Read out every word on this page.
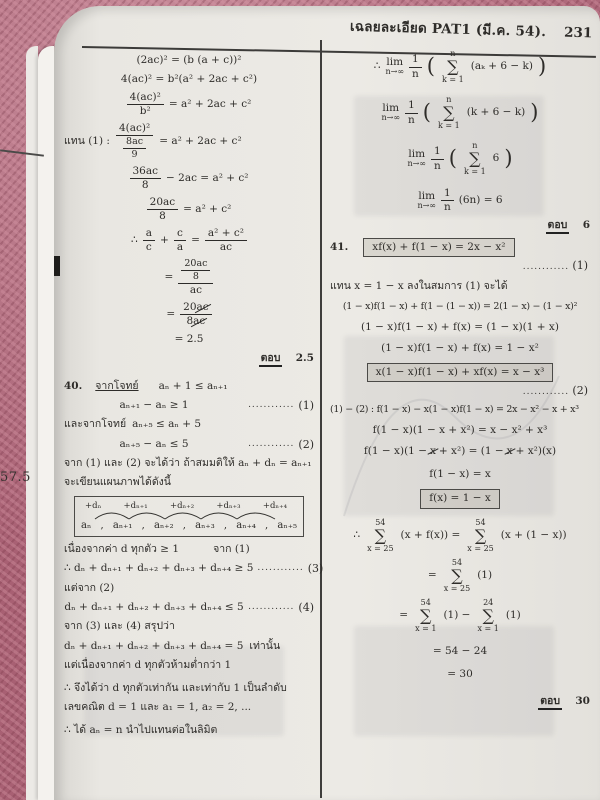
57.5
เฉลยละเอียด PAT1 (มี.ค. 54). 231
(2ac)² = (b (a + c))²
4(ac)² = b²(a² + 2ac + c²)
$\frac{\text{4(ac)²}}{\text{b²}} = a^2 + 2ac + c^2$
แทน (1) : $\frac{\text{4(ac)²}}{\frac{8ac}{9}} = a^2 + 2ac + c^2$
36ac
8
− 2ac = a² + c²
$\frac{20ac}{8} = a^2 + c^2$
∴
a
c
+ $\frac{c}{a} = \frac{\text{a² + c²}}{ac}$
= $\frac{\frac{20ac}{8}}{ac}$
= $\frac{20ac}{8ac}$
= 2.5
ตอบ 2.5
40. จากโจทย์ aₙ + 1 ≤ aₙ₊₁
aₙ₊₁ − aₙ ≥ 1	............ (1)
และจากโจทย์ aₙ₊₅ ≤ aₙ + 5
aₙ₊₅ − aₙ ≤ 5	............ (2)
จาก (1) และ (2) จะได้ว่า ถ้าสมมติให้ aₙ + dₙ = aₙ₊₁
จะเขียนแผนภาพได้ดังนี้
+dₙ	+dₙ₊₁	+dₙ₊₂	+dₙ₊₃	+dₙ₊₄
aₙ , aₙ₊₁ , aₙ₊₂ , aₙ₊₃ , aₙ₊₄ , aₙ₊₅
เนื่องจากค่า d ทุกตัว ≥ 1	จาก (1)
∴ dₙ + dₙ₊₁ + dₙ₊₂ + dₙ₊₃ + dₙ₊₄ ≥ 5 ............ (3)
แต่จาก (2)
dₙ + dₙ₊₁ + dₙ₊₂ + dₙ₊₃ + dₙ₊₄ ≤ 5 ............ (4)
จาก (3) และ (4) สรุปว่า
dₙ + dₙ₊₁ + dₙ₊₂ + dₙ₊₃ + dₙ₊₄ = 5 เท่านั้น
แต่เนื่องจากค่า d ทุกตัวห้ามต่ำกว่า 1
∴ จึงได้ว่า d ทุกตัวเท่ากัน และเท่ากับ 1 เป็นลำดับ
เลขคณิต d = 1 และ a₁ = 1, a₂ = 2, ...
∴ ได้ aₙ = n นำไปแทนต่อในลิมิต
∴ lim
n→∞
1
n ( n
∑
k = 1
(aₖ + 6 − k) )
lim
n→∞
1
n ( n
∑
k = 1
(k + 6 − k) )
lim
n→∞
1
n ( n
∑
k = 1
6 )
lim
n→∞
1
n
(6n) = 6
ตอบ 6
41.	xf(x) + f(1 − x) = 2x − x²
............ (1)
แทน x = 1 − x ลงในสมการ (1) จะได้
(1 − x)f(1 − x) + f(1 − (1 − x)) = 2(1 − x) − (1 − x)²
(1 − x)f(1 − x) + f(x) = (1 − x)(1 + x)
(1 − x)f(1 − x) + f(x) = 1 − x²
x(1 − x)f(1 − x) + xf(x) = x − x³
............ (2)
(1) − (2) : f(1 − x) − x(1 − x)f(1 − x) = 2x − x² − x + x³
f(1 − x)(1 − x + x²) = x − x² + x³
f(1 − x)(1 − x + x²) = (1 − x + x²)(x)
f(1 − x) = x
f(x) = 1 − x
∴
54
∑
x = 25
(x + f(x)) =
54
∑
x = 25
(x + (1 − x))
=
54
∑
x = 25
(1)
=
54
∑
x = 1
(1) −
24
∑
x = 1
(1)
= 54 − 24
= 30
ตอบ 30
